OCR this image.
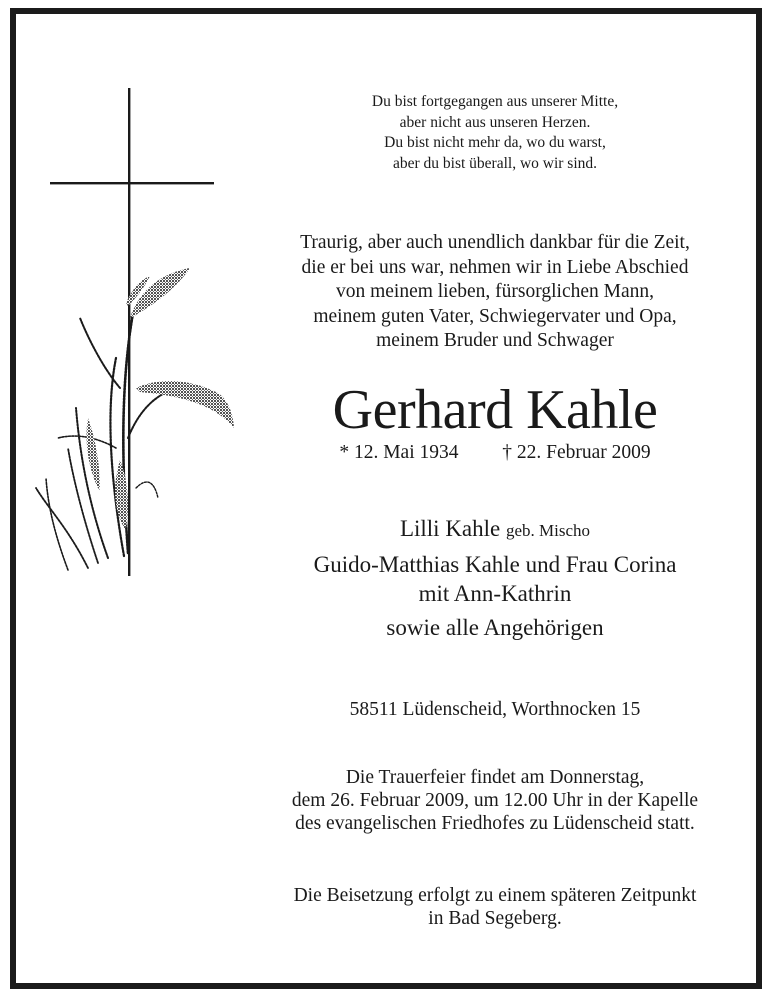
Du bist fortgegangen aus unserer Mitte,
aber nicht aus unseren Herzen.
Du bist nicht mehr da, wo du warst,
aber du bist überall, wo wir sind.
Traurig, aber auch unendlich dankbar für die Zeit,
die er bei uns war, nehmen wir in Liebe Abschied
von meinem lieben, fürsorglichen Mann,
meinem guten Vater, Schwiegervater und Opa,
meinem Bruder und Schwager
Gerhard Kahle
* 12. Mai 1934 † 22. Februar 2009
Lilli Kahle geb. Mischo
Guido-Matthias Kahle und Frau Corina
mit Ann-Kathrin
sowie alle Angehörigen
58511 Lüdenscheid, Worthnocken 15
Die Trauerfeier findet am Donnerstag,
dem 26. Februar 2009, um 12.00 Uhr in der Kapelle
des evangelischen Friedhofes zu Lüdenscheid statt.
Die Beisetzung erfolgt zu einem späteren Zeitpunkt
in Bad Segeberg.
